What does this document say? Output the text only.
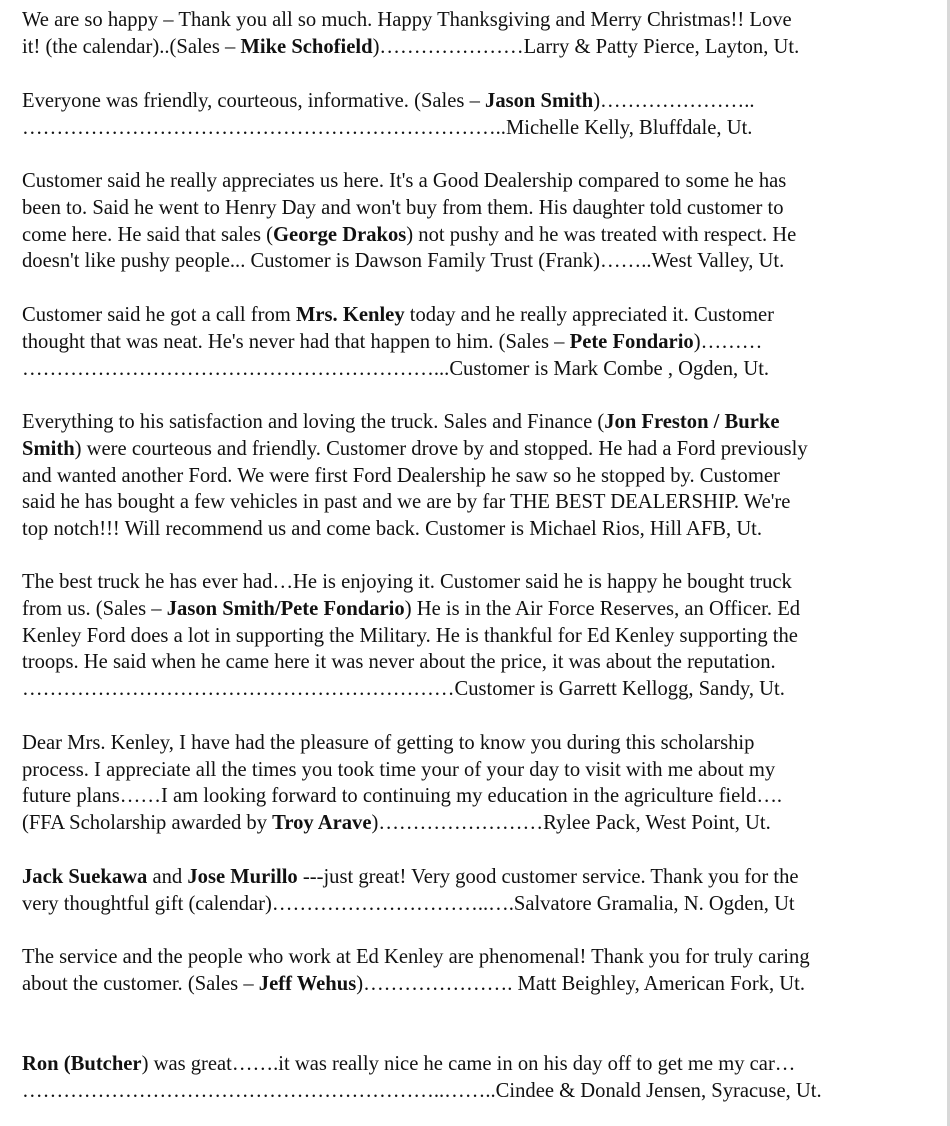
We are so happy – Thank you all so much. Happy Thanksgiving and Merry Christmas!! Love
it! (the calendar)..(Sales – Mike Schofield)…………………Larry & Patty Pierce, Layton, Ut.
Everyone was friendly, courteous, informative. (Sales – Jason Smith)…………………..
……………………………………………………………..Michelle Kelly, Bluffdale, Ut.
Customer said he really appreciates us here. It's a Good Dealership compared to some he has
been to. Said he went to Henry Day and won't buy from them. His daughter told customer to
come here. He said that sales (George Drakos) not pushy and he was treated with respect. He
doesn't like pushy people... Customer is Dawson Family Trust (Frank)……..West Valley, Ut.
Customer said he got a call from Mrs. Kenley today and he really appreciated it. Customer
thought that was neat. He's never had that happen to him. (Sales – Pete Fondario)………
……………………………………………………...Customer is Mark Combe , Ogden, Ut.
Everything to his satisfaction and loving the truck. Sales and Finance (Jon Freston / Burke
Smith) were courteous and friendly. Customer drove by and stopped. He had a Ford previously
and wanted another Ford. We were first Ford Dealership he saw so he stopped by. Customer
said he has bought a few vehicles in past and we are by far THE BEST DEALERSHIP. We're
top notch!!! Will recommend us and come back. Customer is Michael Rios, Hill AFB, Ut.
The best truck he has ever had…He is enjoying it. Customer said he is happy he bought truck
from us. (Sales – Jason Smith/Pete Fondario) He is in the Air Force Reserves, an Officer. Ed
Kenley Ford does a lot in supporting the Military. He is thankful for Ed Kenley supporting the
troops. He said when he came here it was never about the price, it was about the reputation.
………………………………………………………Customer is Garrett Kellogg, Sandy, Ut.
Dear Mrs. Kenley, I have had the pleasure of getting to know you during this scholarship
process. I appreciate all the times you took time your of your day to visit with me about my
future plans……I am looking forward to continuing my education in the agriculture field….
(FFA Scholarship awarded by Troy Arave)……………………Rylee Pack, West Point, Ut.
Jack Suekawa and Jose Murillo ---just great! Very good customer service. Thank you for the
very thoughtful gift (calendar)…………………………..….Salvatore Gramalia, N. Ogden, Ut
The service and the people who work at Ed Kenley are phenomenal! Thank you for truly caring
about the customer. (Sales – Jeff Wehus)…………………. Matt Beighley, American Fork, Ut.
Ron (Butcher) was great…….it was really nice he came in on his day off to get me my car…
……………………………………………………..……..Cindee & Donald Jensen, Syracuse, Ut.
